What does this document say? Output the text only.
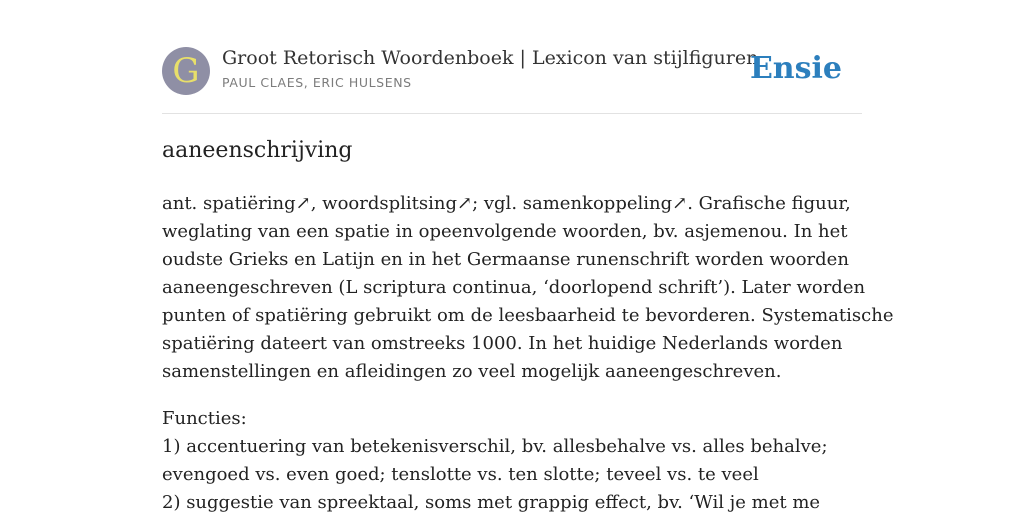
G	Groot Retorisch Woordenboek | Lexicon van stijlfiguren
PAUL CLAES, ERIC HULSENS	Ensie
aaneenschrijving

ant. spatiëring↗, woordsplitsing↗; vgl. samenkoppeling↗. Grafische figuur,
weglating van een spatie in opeenvolgende woorden, bv. asjemenou. In het
oudste Grieks en Latijn en in het Germaanse runenschrift worden woorden
aaneengeschreven (L scriptura continua, ‘doorlopend schrift’). Later worden
punten of spatiëring gebruikt om de leesbaarheid te bevorderen. Systematische
spatiëring dateert van omstreeks 1000. In het huidige Nederlands worden
samenstellingen en afleidingen zo veel mogelijk aaneengeschreven.

Functies:
1) accentuering van betekenisverschil, bv. allesbehalve vs. alles behalve;
evengoed vs. even goed; tenslotte vs. ten slotte; teveel vs. te veel
2) suggestie van spreektaal, soms met grappig effect, bv. ‘Wil je met me
